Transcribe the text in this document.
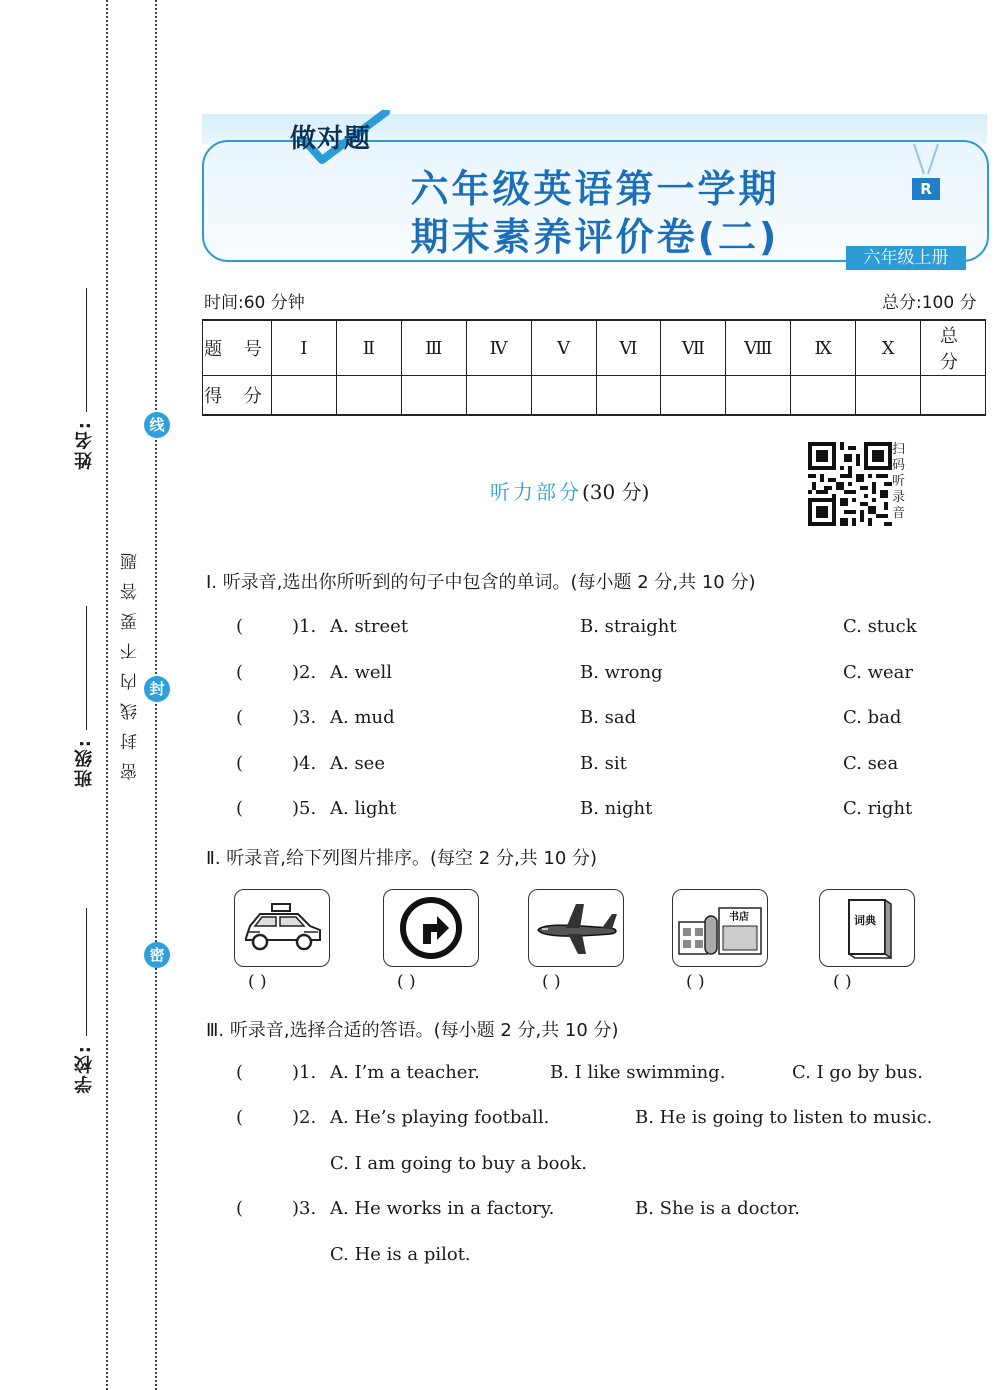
姓名:
班级:
学校:
密封线内不要答题
线
封
密
做对题
六年级英语第一学期
期末素养评价卷(二)
R
六年级上册
时间:60 分钟	总分:100 分
题 号	Ⅰ	Ⅱ	Ⅲ	Ⅳ	Ⅴ	Ⅵ	Ⅶ	Ⅷ	Ⅸ	Ⅹ	总 分
得 分											
听力部分(30 分)
扫码听录音
Ⅰ. 听录音,选出你所听到的句子中包含的单词。(每小题 2 分,共 10 分)
(	)1. A. street	B. straight	C. stuck
(	)2. A. well	B. wrong	C. wear
(	)3. A. mud	B. sad	C. bad
(	)4. A. see	B. sit	C. sea
(	)5. A. light	B. night	C. right
Ⅱ. 听录音,给下列图片排序。(每空 2 分,共 10 分)
书店	词典
( )	( )	( )	( )	( )
Ⅲ. 听录音,选择合适的答语。(每小题 2 分,共 10 分)
(	)1. A. I’m a teacher.	B. I like swimming.	C. I go by bus.
(	)2. A. He’s playing football.	B. He is going to listen to music.
C. I am going to buy a book.
(	)3. A. He works in a factory.	B. She is a doctor.
C. He is a pilot.
